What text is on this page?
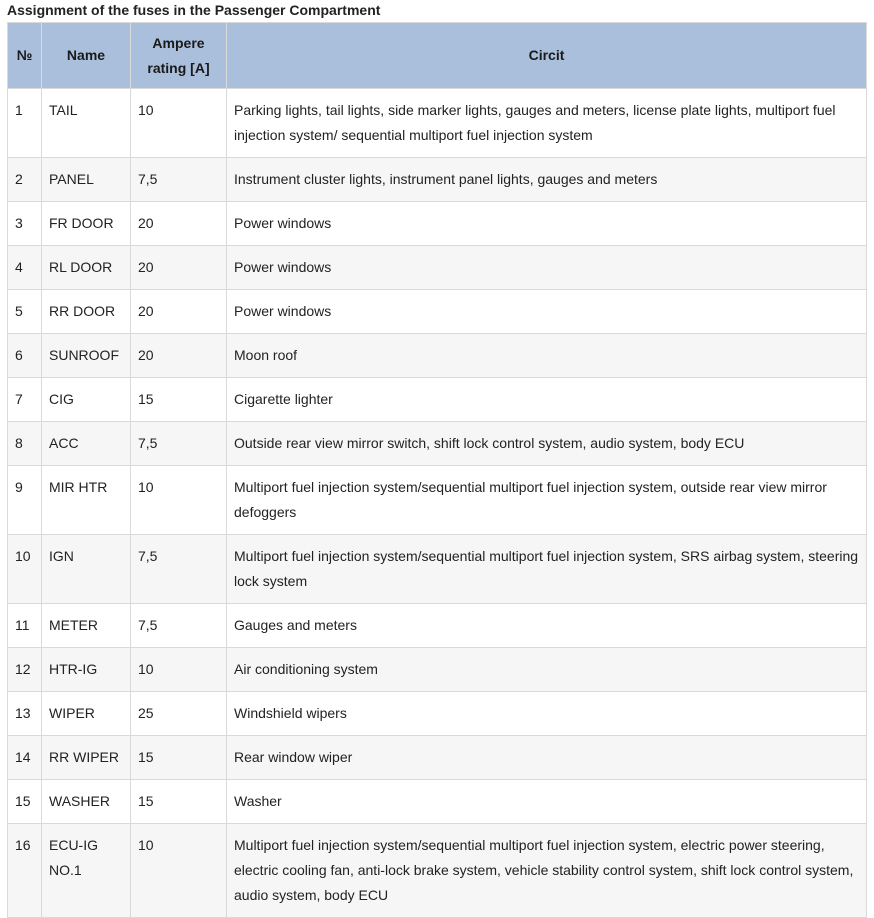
Assignment of the fuses in the Passenger Compartment
№	Name	Ampere rating [A]	Circit
1	TAIL	10	Parking lights, tail lights, side marker lights, gauges and meters, license plate lights, multiport fuel injection system/ sequential multiport fuel injection system
2	PANEL	7,5	Instrument cluster lights, instrument panel lights, gauges and meters
3	FR DOOR	20	Power windows
4	RL DOOR	20	Power windows
5	RR DOOR	20	Power windows
6	SUNROOF	20	Moon roof
7	CIG	15	Cigarette lighter
8	ACC	7,5	Outside rear view mirror switch, shift lock control system, audio system, body ECU
9	MIR HTR	10	Multiport fuel injection system/sequential multiport fuel injection system, outside rear view mirror defoggers
10	IGN	7,5	Multiport fuel injection system/sequential multiport fuel injection system, SRS airbag system, steering lock system
11	METER	7,5	Gauges and meters
12	HTR-IG	10	Air conditioning system
13	WIPER	25	Windshield wipers
14	RR WIPER	15	Rear window wiper
15	WASHER	15	Washer
16	ECU-IG NO.1	10	Multiport fuel injection system/sequential multiport fuel injection system, electric power steering, electric cooling fan, anti-lock brake system, vehicle stability control system, shift lock control system, audio system, body ECU
